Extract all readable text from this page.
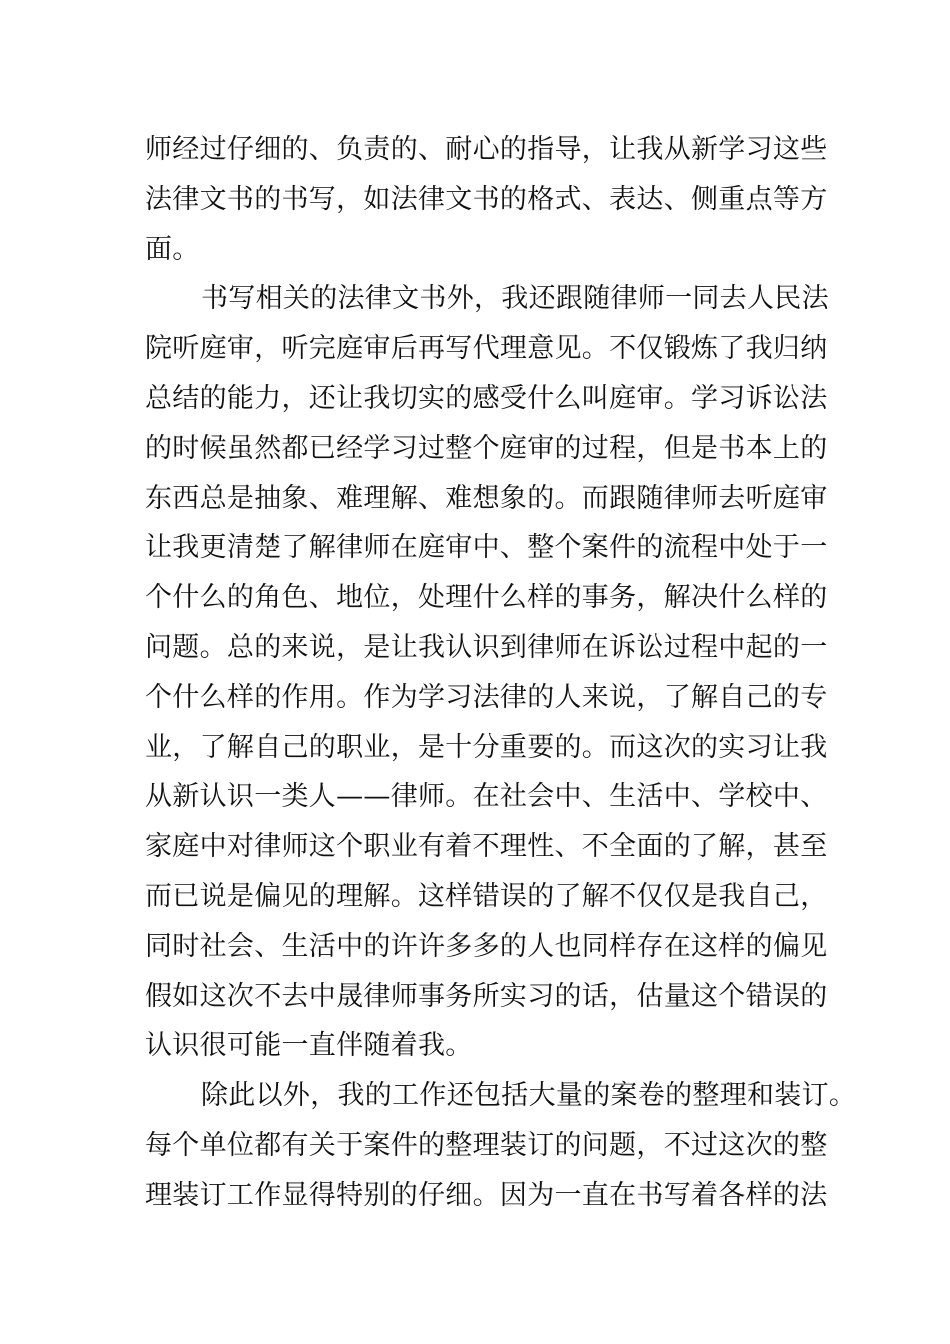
师经过仔细的、负责的、耐心的指导，让我从新学习这些
法律文书的书写，如法律文书的格式、表达、侧重点等方
面。
书写相关的法律文书外，我还跟随律师一同去人民法
院听庭审，听完庭审后再写代理意见。不仅锻炼了我归纳
总结的能力，还让我切实的感受什么叫庭审。学习诉讼法
的时候虽然都已经学习过整个庭审的过程，但是书本上的
东西总是抽象、难理解、难想象的。而跟随律师去听庭审
让我更清楚了解律师在庭审中、整个案件的流程中处于一
个什么的角色、地位，处理什么样的事务，解决什么样的
问题。总的来说，是让我认识到律师在诉讼过程中起的一
个什么样的作用。作为学习法律的人来说，了解自己的专
业，了解自己的职业，是十分重要的。而这次的实习让我
从新认识一类人——律师。在社会中、生活中、学校中、
家庭中对律师这个职业有着不理性、不全面的了解，甚至
而已说是偏见的理解。这样错误的了解不仅仅是我自己，
同时社会、生活中的许许多多的人也同样存在这样的偏见
假如这次不去中晟律师事务所实习的话，估量这个错误的
认识很可能一直伴随着我。
除此以外，我的工作还包括大量的案卷的整理和装订。
每个单位都有关于案件的整理装订的问题，不过这次的整
理装订工作显得特别的仔细。因为一直在书写着各样的法
